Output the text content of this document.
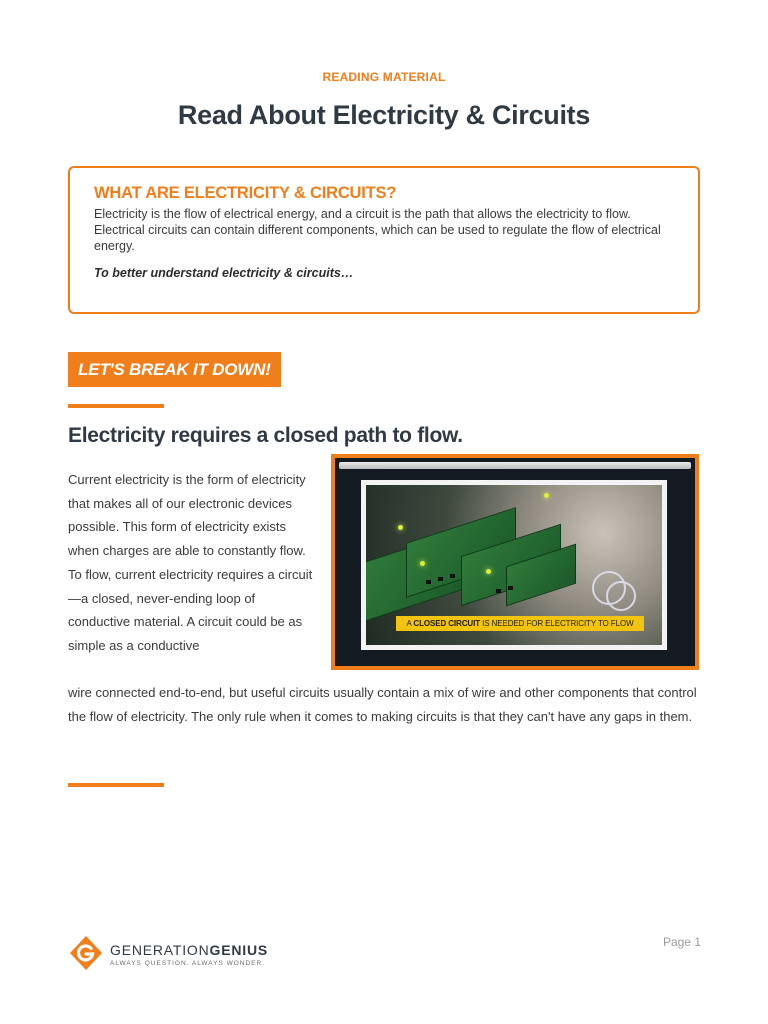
READING MATERIAL
Read About Electricity & Circuits
WHAT ARE ELECTRICITY & CIRCUITS?

Electricity is the flow of electrical energy, and a circuit is the path that allows the electricity to flow. Electrical circuits can contain different components, which can be used to regulate the flow of electrical energy.

To better understand electricity & circuits…

LET'S BREAK IT DOWN!
Electricity requires a closed path to flow.

Current electricity is the form of electricity that makes all of our electronic devices possible. This form of electricity exists when charges are able to constantly flow. To flow, current electricity requires a circuit—a closed, never-ending loop of conductive material. A circuit could be as simple as a conductive

A CLOSED CIRCUIT IS NEEDED FOR ELECTRICITY TO FLOW

wire connected end-to-end, but useful circuits usually contain a mix of wire and other components that control the flow of electricity. The only rule when it comes to making circuits is that they can't have any gaps in them.

GENERATIONGENIUS
ALWAYS QUESTION. ALWAYS WONDER.
Page 1
